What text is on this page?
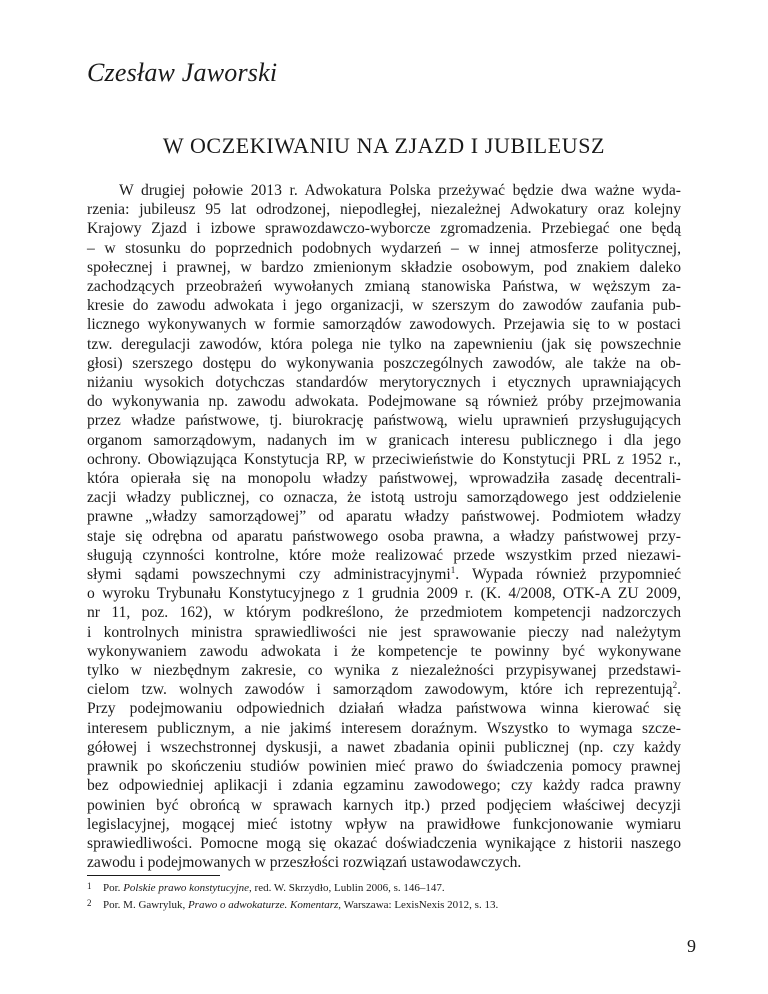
Czesław Jaworski
W OCZEKIWANIU NA ZJAZD I JUBILEUSZ
W drugiej połowie 2013 r. Adwokatura Polska przeżywać będzie dwa ważne wyda-
rzenia: jubileusz 95 lat odrodzonej, niepodległej, niezależnej Adwokatury oraz kolejny
Krajowy Zjazd i izbowe sprawozdawczo-wyborcze zgromadzenia. Przebiegać one będą
– w stosunku do poprzednich podobnych wydarzeń – w innej atmosferze politycznej,
społecznej i prawnej, w bardzo zmienionym składzie osobowym, pod znakiem daleko
zachodzących przeobrażeń wywołanych zmianą stanowiska Państwa, w węższym za-
kresie do zawodu adwokata i jego organizacji, w szerszym do zawodów zaufania pub-
licznego wykonywanych w formie samorządów zawodowych. Przejawia się to w postaci
tzw. deregulacji zawodów, która polega nie tylko na zapewnieniu (jak się powszechnie
głosi) szerszego dostępu do wykonywania poszczególnych zawodów, ale także na ob-
niżaniu wysokich dotychczas standardów merytorycznych i etycznych uprawniających
do wykonywania np. zawodu adwokata. Podejmowane są również próby przejmowania
przez władze państwowe, tj. biurokrację państwową, wielu uprawnień przysługujących
organom samorządowym, nadanych im w granicach interesu publicznego i dla jego
ochrony. Obowiązująca Konstytucja RP, w przeciwieństwie do Konstytucji PRL z 1952 r.,
która opierała się na monopolu władzy państwowej, wprowadziła zasadę decentrali-
zacji władzy publicznej, co oznacza, że istotą ustroju samorządowego jest oddzielenie
prawne „władzy samorządowej” od aparatu władzy państwowej. Podmiotem władzy
staje się odrębna od aparatu państwowego osoba prawna, a władzy państwowej przy-
sługują czynności kontrolne, które może realizować przede wszystkim przed niezawi-
słymi sądami powszechnymi czy administracyjnymi$^1$. Wypada również przypomnieć
o wyroku Trybunału Konstytucyjnego z 1 grudnia 2009 r. (K. 4/2008, OTK-A ZU 2009,
nr 11, poz. 162), w którym podkreślono, że przedmiotem kompetencji nadzorczych
i kontrolnych ministra sprawiedliwości nie jest sprawowanie pieczy nad należytym
wykonywaniem zawodu adwokata i że kompetencje te powinny być wykonywane
tylko w niezbędnym zakresie, co wynika z niezależności przypisywanej przedstawi-
cielom tzw. wolnych zawodów i samorządom zawodowym, które ich reprezentują$^2$.
Przy podejmowaniu odpowiednich działań władza państwowa winna kierować się
interesem publicznym, a nie jakimś interesem doraźnym. Wszystko to wymaga szcze-
gółowej i wszechstronnej dyskusji, a nawet zbadania opinii publicznej (np. czy każdy
prawnik po skończeniu studiów powinien mieć prawo do świadczenia pomocy prawnej
bez odpowiedniej aplikacji i zdania egzaminu zawodowego; czy każdy radca prawny
powinien być obrońcą w sprawach karnych itp.) przed podjęciem właściwej decyzji
legislacyjnej, mogącej mieć istotny wpływ na prawidłowe funkcjonowanie wymiaru
sprawiedliwości. Pomocne mogą się okazać doświadczenia wynikające z historii naszego
zawodu i podejmowanych w przeszłości rozwiązań ustawodawczych.
1 Por. Polskie prawo konstytucyjne, red. W. Skrzydło, Lublin 2006, s. 146–147.
2 Por. M. Gawryluk, Prawo o adwokaturze. Komentarz, Warszawa: LexisNexis 2012, s. 13.
9
